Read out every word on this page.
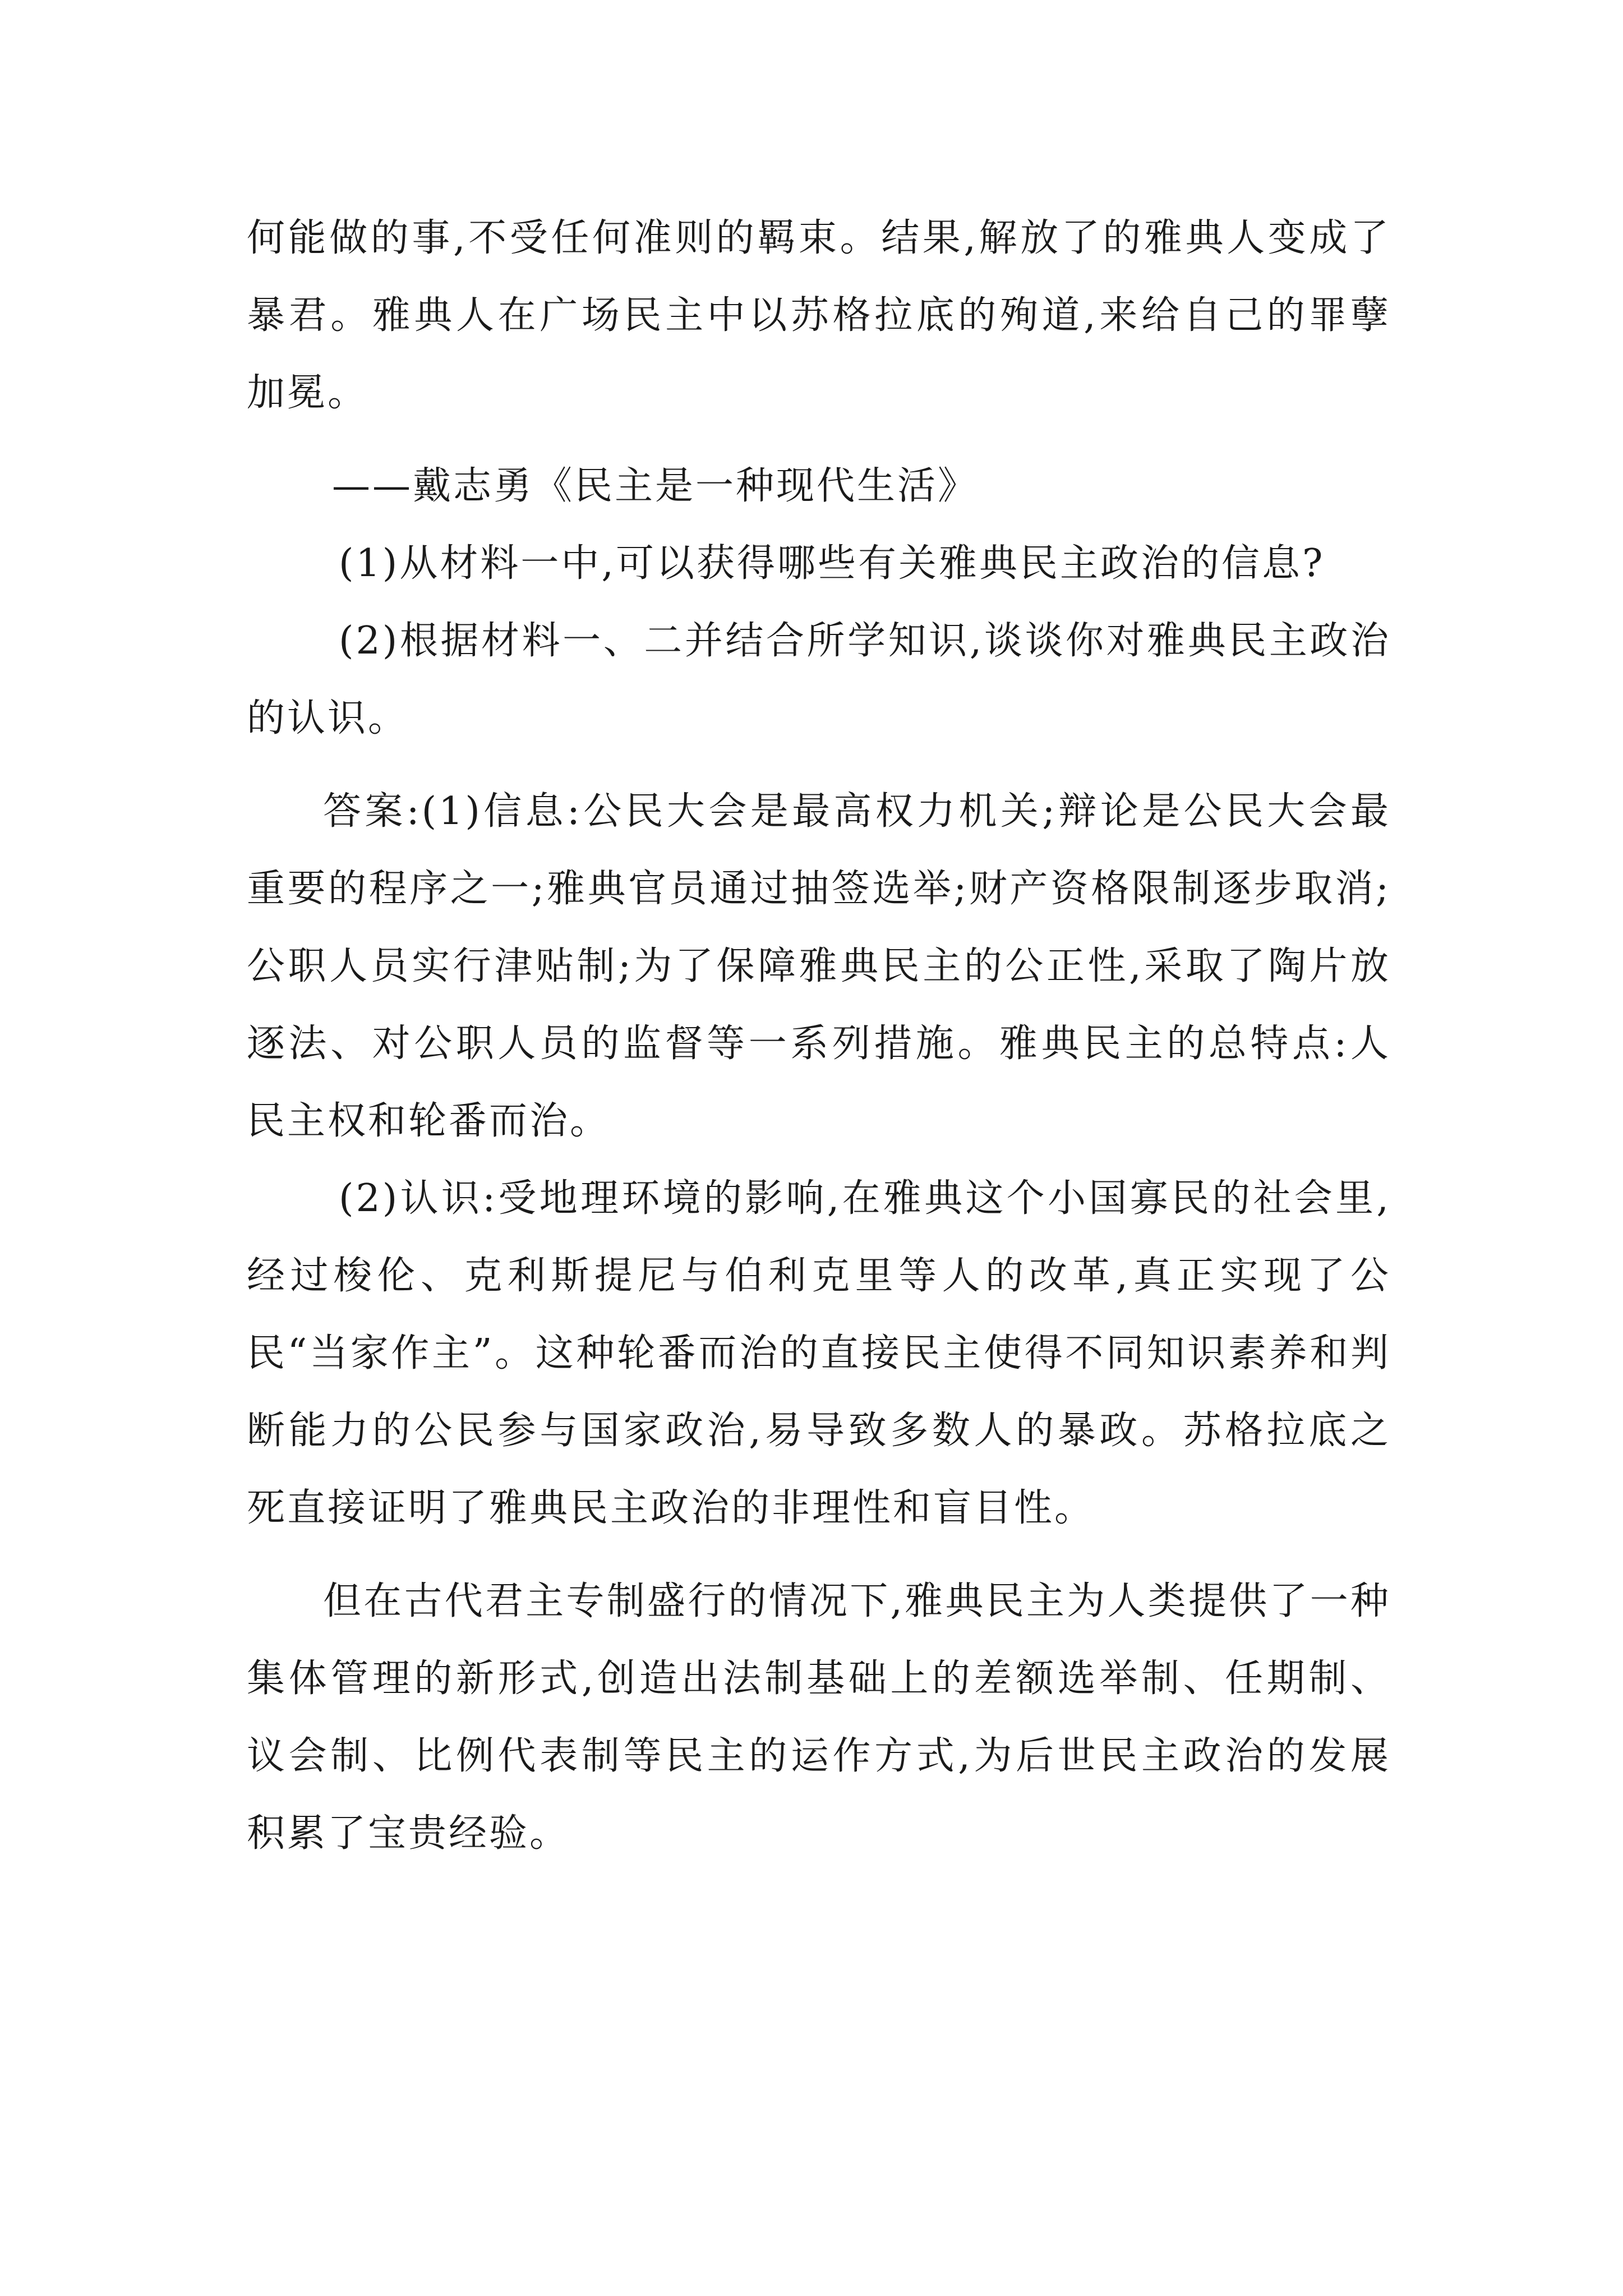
何能做的事,不受任何准则的羁束。结果,解放了的雅典人变成了暴君。雅典人在广场民主中以苏格拉底的殉道,来给自己的罪孽加冕。

——戴志勇《民主是一种现代生活》

(1)从材料一中,可以获得哪些有关雅典民主政治的信息?

(2)根据材料一、二并结合所学知识,谈谈你对雅典民主政治的认识。

答案:(1)信息:公民大会是最高权力机关;辩论是公民大会最重要的程序之一;雅典官员通过抽签选举;财产资格限制逐步取消;公职人员实行津贴制;为了保障雅典民主的公正性,采取了陶片放逐法、对公职人员的监督等一系列措施。雅典民主的总特点:人民主权和轮番而治。

(2)认识:受地理环境的影响,在雅典这个小国寡民的社会里,经过梭伦、克利斯提尼与伯利克里等人的改革,真正实现了公民“当家作主”。这种轮番而治的直接民主使得不同知识素养和判断能力的公民参与国家政治,易导致多数人的暴政。苏格拉底之死直接证明了雅典民主政治的非理性和盲目性。

但在古代君主专制盛行的情况下,雅典民主为人类提供了一种集体管理的新形式,创造出法制基础上的差额选举制、任期制、议会制、比例代表制等民主的运作方式,为后世民主政治的发展积累了宝贵经验。
